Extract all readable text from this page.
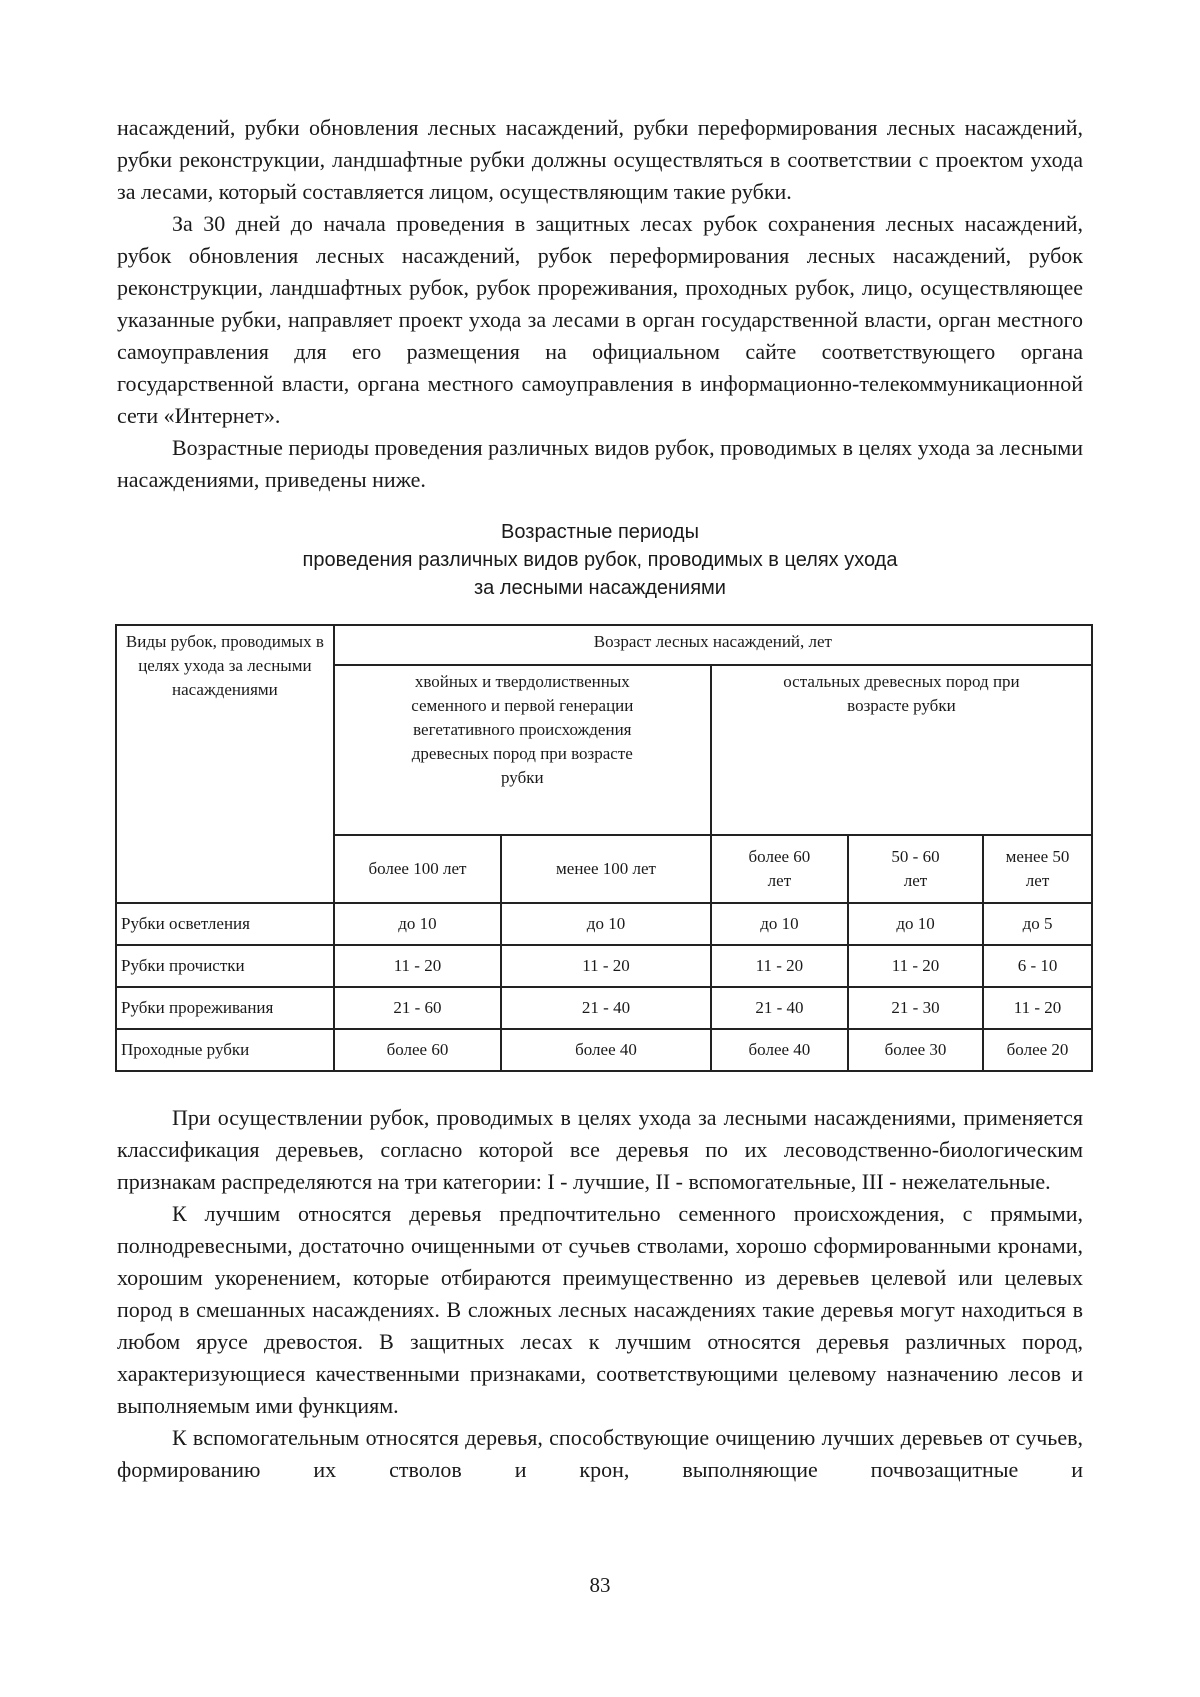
насаждений, рубки обновления лесных насаждений, рубки переформирования лесных насаждений, рубки реконструкции, ландшафтные рубки должны осуществляться в соответствии с проектом ухода за лесами, который составляется лицом, осуществляющим такие рубки.

За 30 дней до начала проведения в защитных лесах рубок сохранения лесных насаждений, рубок обновления лесных насаждений, рубок переформирования лесных насаждений, рубок реконструкции, ландшафтных рубок, рубок прореживания, проходных рубок, лицо, осуществляющее указанные рубки, направляет проект ухода за лесами в орган государственной власти, орган местного самоуправления для его размещения на официальном сайте соответствующего органа государственной власти, органа местного самоуправления в информационно-телекоммуникационной сети «Интернет».

Возрастные периоды проведения различных видов рубок, проводимых в целях ухода за лесными насаждениями, приведены ниже.

Возрастные периоды
проведения различных видов рубок, проводимых в целях ухода
за лесными насаждениями
Виды рубок, проводимых в целях ухода за лесными насаждениями	Возраст лесных насаждений, лет				
	хвойных и твердолиственных семенного и первой генерации вегетативного происхождения древесных пород при возрасте рубки		остальных древесных пород при возрасте рубки		
	более 100 лет	менее 100 лет	более 60 лет	50 - 60 лет	менее 50 лет
Рубки осветления	до 10	до 10	до 10	до 10	до 5
Рубки прочистки	11 - 20	11 - 20	11 - 20	11 - 20	6 - 10
Рубки прореживания	21 - 60	21 - 40	21 - 40	21 - 30	11 - 20
Проходные рубки	более 60	более 40	более 40	более 30	более 20

При осуществлении рубок, проводимых в целях ухода за лесными насаждениями, применяется классификация деревьев, согласно которой все деревья по их лесоводственно-биологическим признакам распределяются на три категории: I - лучшие, II - вспомогательные, III - нежелательные.

К лучшим относятся деревья предпочтительно семенного происхождения, с прямыми, полнодревесными, достаточно очищенными от сучьев стволами, хорошо сформированными кронами, хорошим укоренением, которые отбираются преимущественно из деревьев целевой или целевых пород в смешанных насаждениях. В сложных лесных насаждениях такие деревья могут находиться в любом ярусе древостоя. В защитных лесах к лучшим относятся деревья различных пород, характеризующиеся качественными признаками, соответствующими целевому назначению лесов и выполняемым ими функциям.

К вспомогательным относятся деревья, способствующие очищению лучших деревьев от сучьев, формированию их стволов и крон, выполняющие почвозащитные и

83
